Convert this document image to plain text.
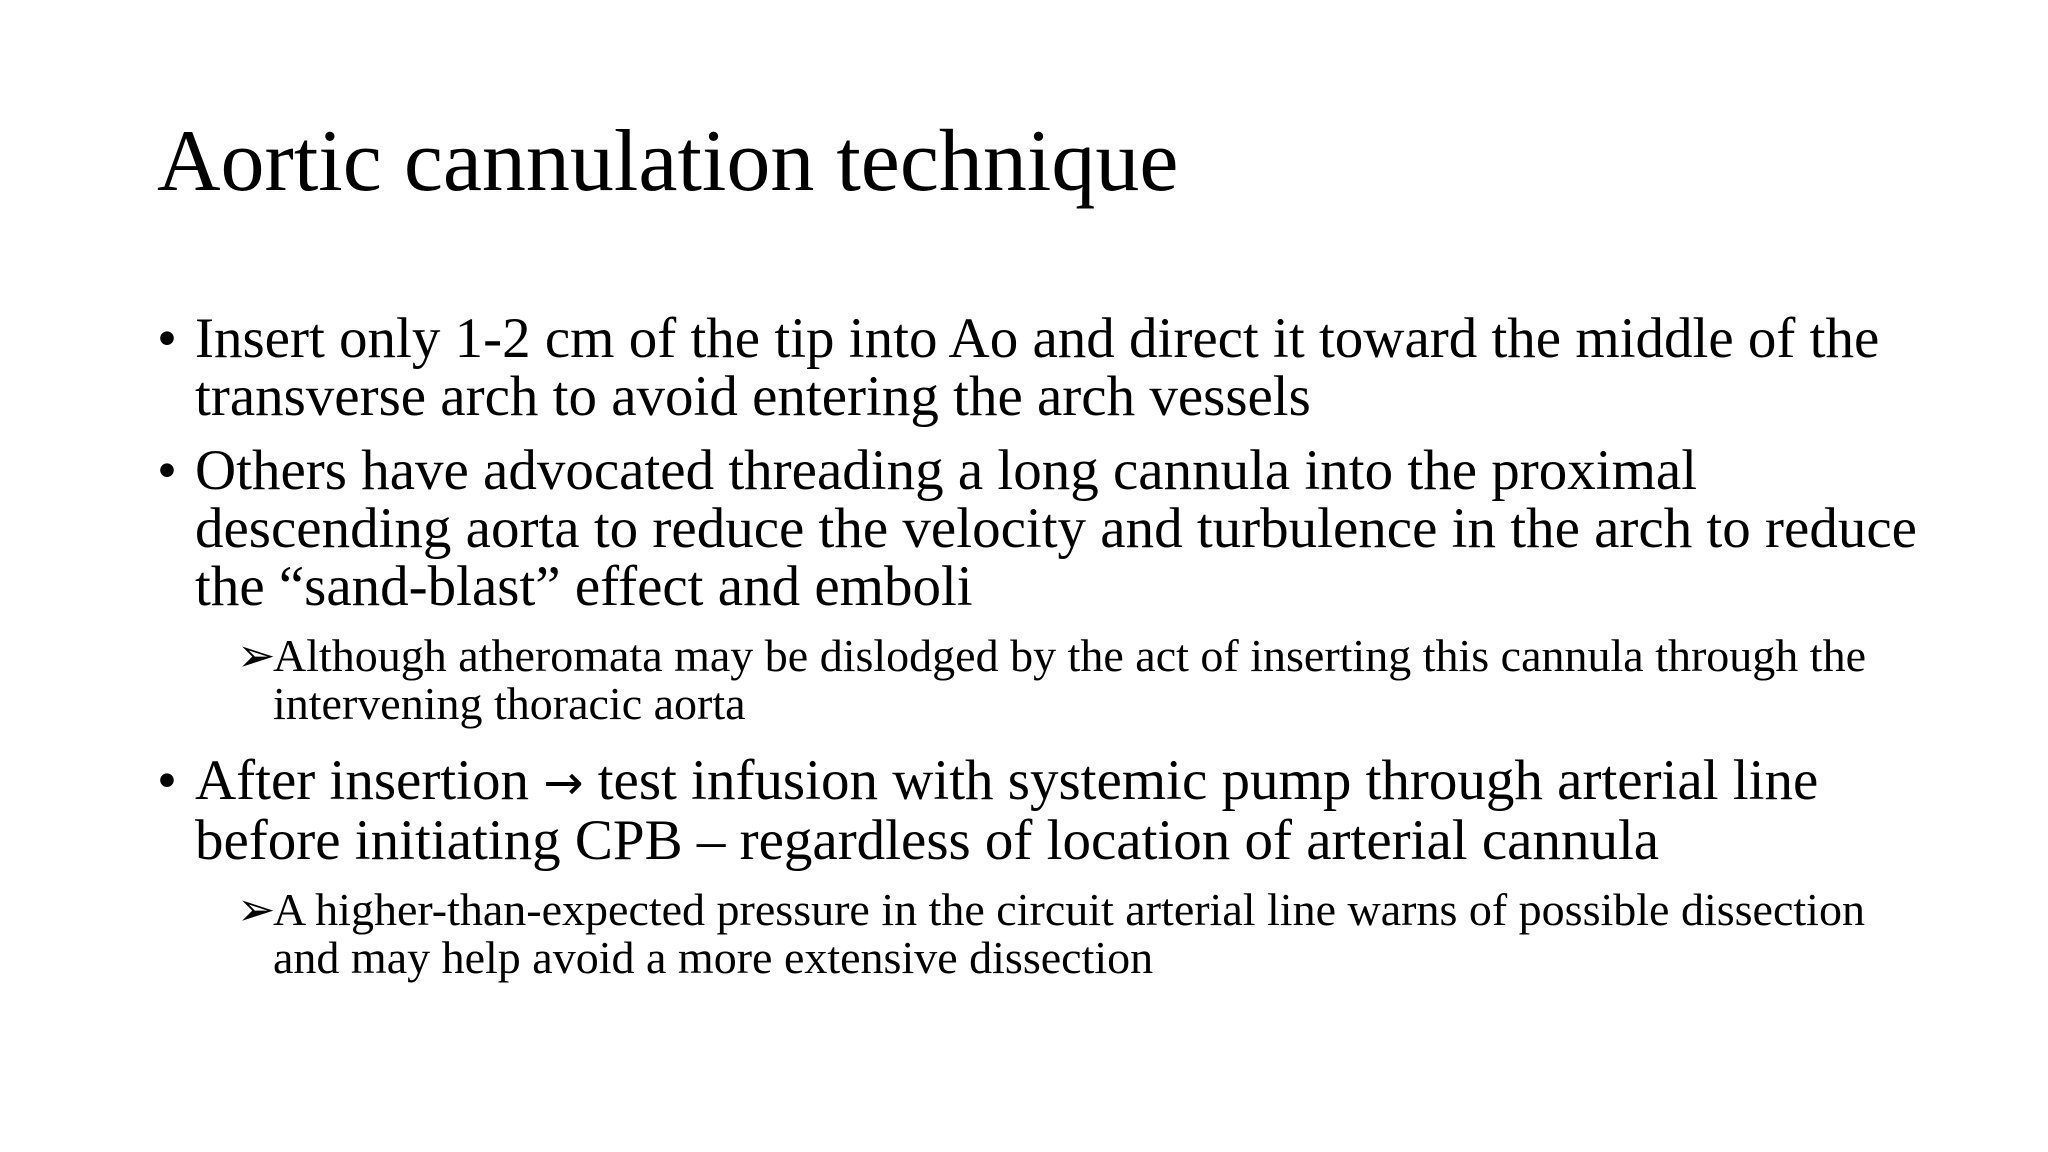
Aortic cannulation technique
• Insert only 1-2 cm of the tip into Ao and direct it toward the middle of the transverse arch to avoid entering the arch vessels
• Others have advocated threading a long cannula into the proximal descending aorta to reduce the velocity and turbulence in the arch to reduce the “sand-blast” effect and emboli
➢
Although atheromata may be dislodged by the act of inserting this cannula through the intervening thoracic aorta
• After insertion → test infusion with systemic pump through arterial line before initiating CPB – regardless of location of arterial cannula
➢
A higher-than-expected pressure in the circuit arterial line warns of possible dissection and may help avoid a more extensive dissection
